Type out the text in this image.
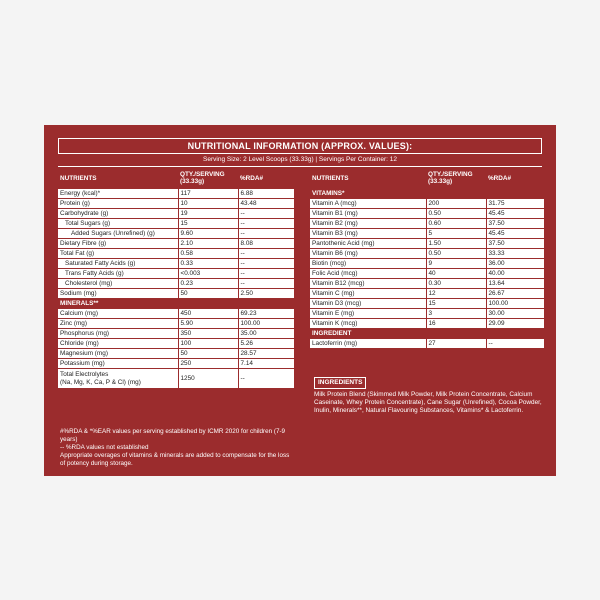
NUTRITIONAL INFORMATION (APPROX. VALUES):
Serving Size: 2 Level Scoops (33.33g) | Servings Per Container: 12
NUTRIENTS	QTY./SERVING (33.33g)	%RDA#
Energy (kcal)*	117	6.88
Protein (g)	10	43.48
Carbohydrate (g)	19	--
Total Sugars (g)	15	--
Added Sugars (Unrefined) (g)	9.60	--
Dietary Fibre (g)	2.10	8.08
Total Fat (g)	0.58	--
Saturated Fatty Acids (g)	0.33	--
Trans Fatty Acids (g)	<0.003	--
Cholesterol (mg)	0.23	--
Sodium (mg)	50	2.50
MINERALS**		
Calcium (mg)	450	69.23
Zinc (mg)	5.90	100.00
Phosphorus (mg)	350	35.00
Chloride (mg)	100	5.26
Magnesium (mg)	50	28.57
Potassium (mg)	250	7.14

Total Electrolytes
(Na, Mg, K, Ca, P & Cl) (mg)	1250	--
NUTRIENTS	QTY./SERVING (33.33g)	%RDA#
VITAMINS*		
Vitamin A (mcg)	200	31.75
Vitamin B1 (mg)	0.50	45.45
Vitamin B2 (mg)	0.60	37.50
Vitamin B3 (mg)	5	45.45
Pantothenic Acid (mg)	1.50	37.50
Vitamin B6 (mg)	0.50	33.33
Biotin (mcg)	9	36.00
Folic Acid (mcg)	40	40.00
Vitamin B12 (mcg)	0.30	13.64
Vitamin C (mg)	12	26.67
Vitamin D3 (mcg)	15	100.00
Vitamin E (mg)	3	30.00
Vitamin K (mcg)	16	29.09
INGREDIENT		
Lactoferrin (mg)	27	--
INGREDIENTS
Milk Protein Blend (Skimmed Milk Powder, Milk Protein Concentrate, Calcium Caseinate, Whey Protein Concentrate), Cane Sugar (Unrefined), Cocoa Powder, Inulin, Minerals**, Natural Flavouring Substances, Vitamins* & Lactoferrin.
#%RDA & *%EAR values per serving established by ICMR 2020 for children (7-9 years)
-- %RDA values not established
Appropriate overages of vitamins & minerals are added to compensate for the loss of potency during storage.
